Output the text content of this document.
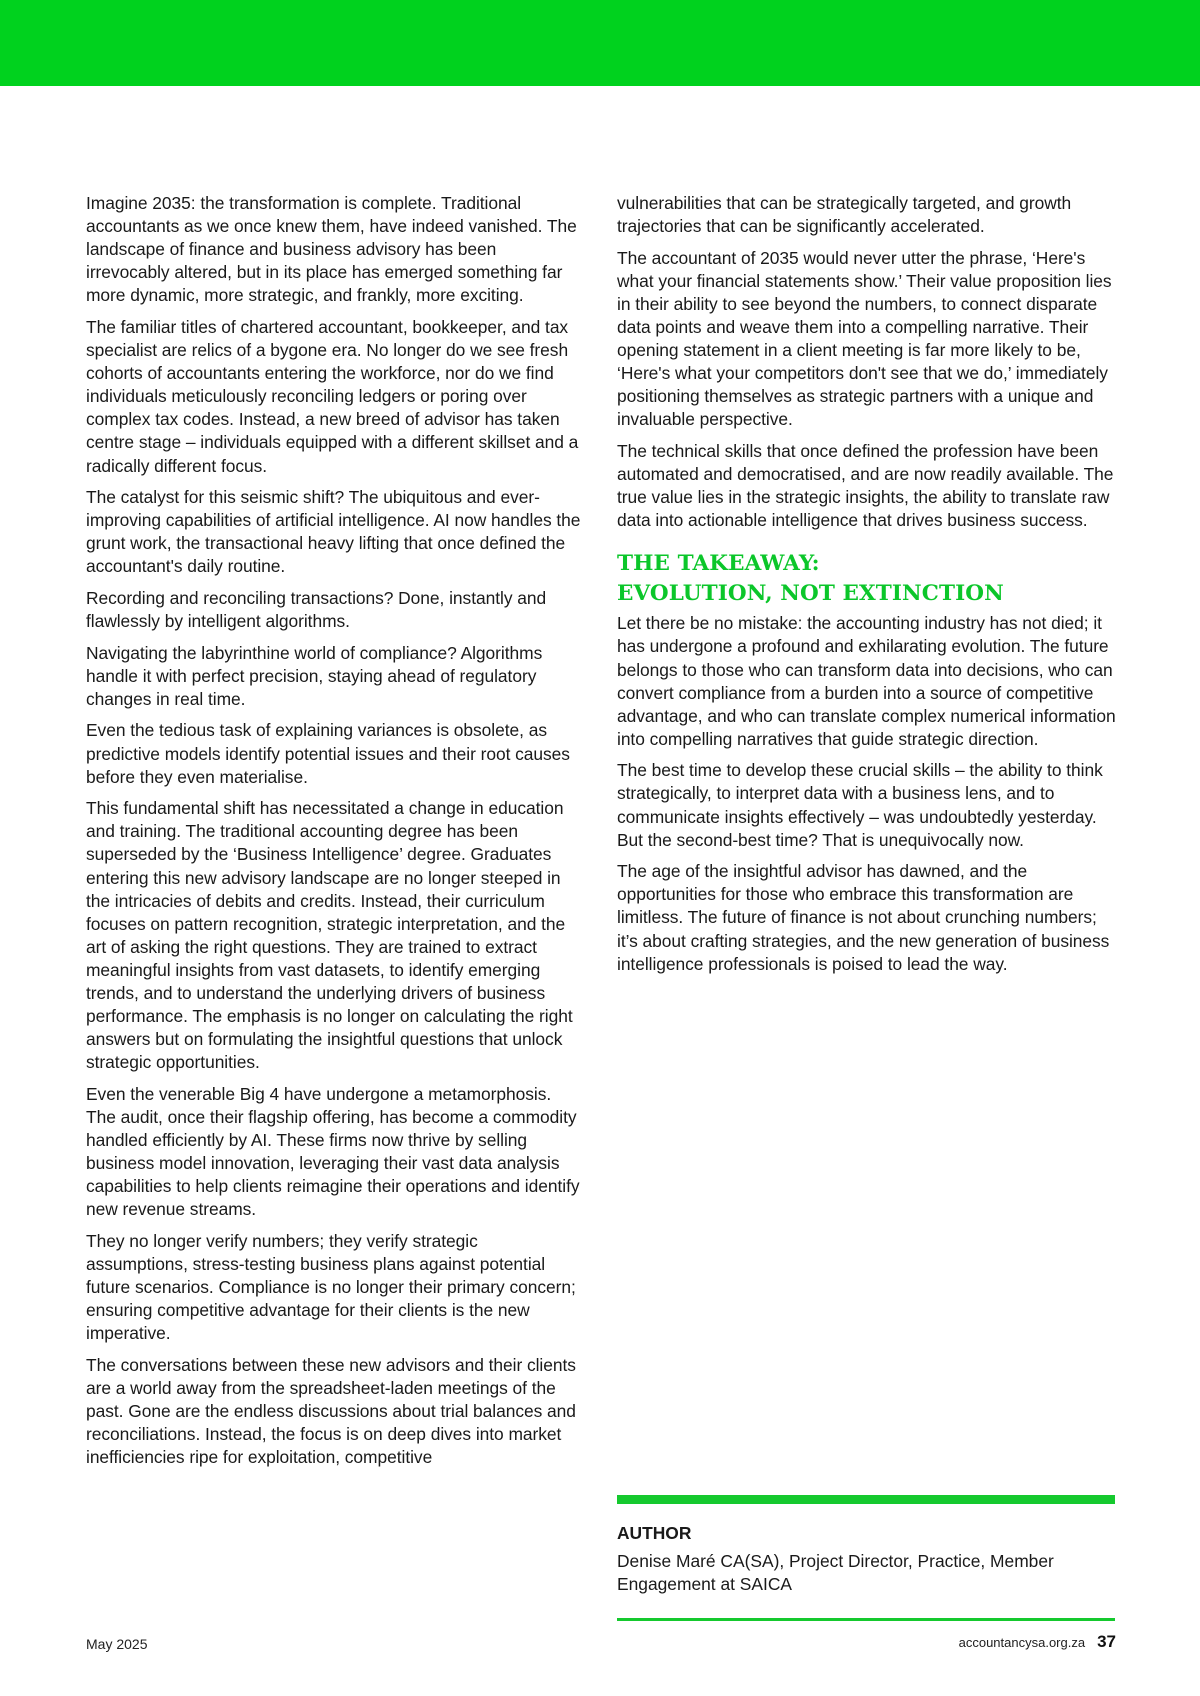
Imagine 2035: the transformation is complete. Traditional accountants as we once knew them, have indeed vanished. The landscape of finance and business advisory has been irrevocably altered, but in its place has emerged something far more dynamic, more strategic, and frankly, more exciting.

The familiar titles of chartered accountant, bookkeeper, and tax specialist are relics of a bygone era. No longer do we see fresh cohorts of accountants entering the workforce, nor do we find individuals meticulously reconciling ledgers or poring over complex tax codes. Instead, a new breed of advisor has taken centre stage – individuals equipped with a different skillset and a radically different focus.

The catalyst for this seismic shift? The ubiquitous and ever-improving capabilities of artificial intelligence. AI now handles the grunt work, the transactional heavy lifting that once defined the accountant's daily routine.

Recording and reconciling transactions? Done, instantly and flawlessly by intelligent algorithms.

Navigating the labyrinthine world of compliance? Algorithms handle it with perfect precision, staying ahead of regulatory changes in real time.

Even the tedious task of explaining variances is obsolete, as predictive models identify potential issues and their root causes before they even materialise.

This fundamental shift has necessitated a change in education and training. The traditional accounting degree has been superseded by the ‘Business Intelligence’ degree. Graduates entering this new advisory landscape are no longer steeped in the intricacies of debits and credits. Instead, their curriculum focuses on pattern recognition, strategic interpretation, and the art of asking the right questions. They are trained to extract meaningful insights from vast datasets, to identify emerging trends, and to understand the underlying drivers of business performance. The emphasis is no longer on calculating the right answers but on formulating the insightful questions that unlock strategic opportunities.

Even the venerable Big 4 have undergone a metamorphosis. The audit, once their flagship offering, has become a commodity handled efficiently by AI. These firms now thrive by selling business model innovation, leveraging their vast data analysis capabilities to help clients reimagine their operations and identify new revenue streams.

They no longer verify numbers; they verify strategic assumptions, stress-testing business plans against potential future scenarios. Compliance is no longer their primary concern; ensuring competitive advantage for their clients is the new imperative.

The conversations between these new advisors and their clients are a world away from the spreadsheet-laden meetings of the past. Gone are the endless discussions about trial balances and reconciliations. Instead, the focus is on deep dives into market inefficiencies ripe for exploitation, competitive

vulnerabilities that can be strategically targeted, and growth trajectories that can be significantly accelerated.

The accountant of 2035 would never utter the phrase, ‘Here's what your financial statements show.’ Their value proposition lies in their ability to see beyond the numbers, to connect disparate data points and weave them into a compelling narrative. Their opening statement in a client meeting is far more likely to be, ‘Here's what your competitors don't see that we do,’ immediately positioning themselves as strategic partners with a unique and invaluable perspective.

The technical skills that once defined the profession have been automated and democratised, and are now readily available. The true value lies in the strategic insights, the ability to translate raw data into actionable intelligence that drives business success.

THE TAKEAWAY:
EVOLUTION, NOT EXTINCTION

Let there be no mistake: the accounting industry has not died; it has undergone a profound and exhilarating evolution. The future belongs to those who can transform data into decisions, who can convert compliance from a burden into a source of competitive advantage, and who can translate complex numerical information into compelling narratives that guide strategic direction.

The best time to develop these crucial skills – the ability to think strategically, to interpret data with a business lens, and to communicate insights effectively – was undoubtedly yesterday. But the second-best time? That is unequivocally now.

The age of the insightful advisor has dawned, and the opportunities for those who embrace this transformation are limitless. The future of finance is not about crunching numbers; it’s about crafting strategies, and the new generation of business intelligence professionals is poised to lead the way.

AUTHOR
Denise Maré CA(SA), Project Director, Practice, Member Engagement at SAICA
May 2025	accountancysa.org.za 37
